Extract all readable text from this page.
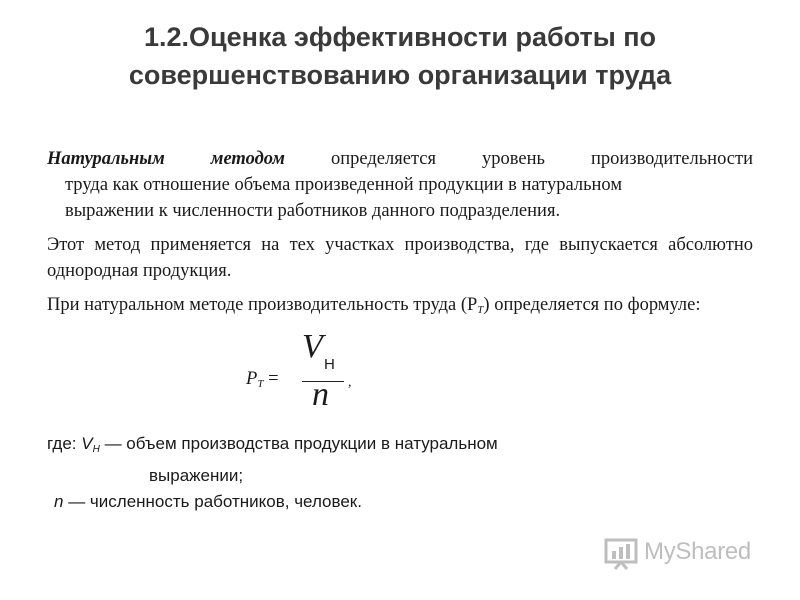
1.2.Оценка эффективности работы по
совершенствованию организации труда
Натуральным методом определяется уровень производительности
труда как отношение объема произведенной продукции в натуральном
выражении к численности работников данного подразделения.
Этот метод применяется на тех участках производства, где выпускается абсолютно однородная продукция.
При натуральном методе производительность труда $(Р_Т)$ определяется по формуле:
$P_T$ =
V Н
n ,
где: VН — объем производства продукции в натуральном
выражении;
n — численность работников, человек.
MyShared
